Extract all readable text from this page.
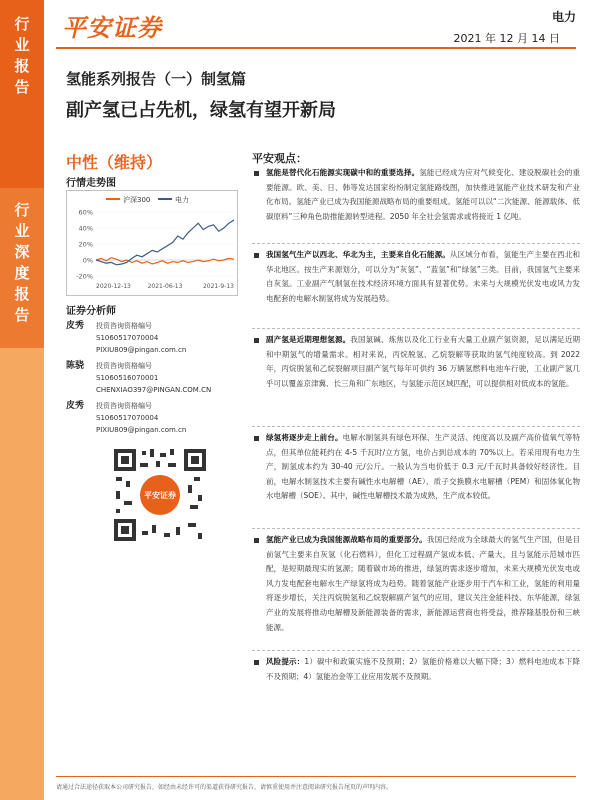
行
业
报
告
行
业
深
度
报
告
平安证券	电力
2021 年 12 月 14 日
氢能系列报告（一）制氢篇
副产氢已占先机，绿氢有望开新局
中性（维持）
行情走势图
沪深300	电力
60%
40%
20%
0%
-20%
2020-12-13	2021-06-13	2021-9-13
证券分析师
皮秀	投资咨询资格编号
S1060517070004
PIXIU809@pingan.com.cn
陈骁	投资咨询资格编号
S1060516070001
CHENXIAO397@PINGAN.COM.CN
皮秀	投资咨询资格编号
S1060517070004
PIXIU809@pingan.com.cn
平安证券
平安观点：
氢能是替代化石能源实现碳中和的重要选择。氢能已经成为应对气候变化、建设脱碳社会的重要能源。欧、美、日、韩等发达国家纷纷制定氢能路线图，加快推进氢能产业技术研发和产业化布局。氢能产业已成为我国能源战略布局的重要组成。氢能可以以“二次能源、能源载体、低碳原料”三种角色助推能源转型进程。2050 年全社会氢需求或将接近 1 亿吨。
我国氢气生产以西北、华北为主，主要来自化石能源。从区域分布看，氢能生产主要在西北和华北地区。按生产来源划分，可以分为“灰氢”、“蓝氢”和“绿氢”三类。目前，我国氢气主要来自灰氢。工业副产气制氢在技术经济环境方面具有显著优势。未来与大规模光伏发电或风力发电配套的电解水制氢将成为发展趋势。
副产氢是近期理想氢源。我国氯碱、炼焦以及化工行业有大量工业副产氢资源，足以满足近期和中期氢气的增量需求。相对来说，丙烷脱氢、乙烷裂解等获取的氢气纯度较高。到 2022 年，丙烷脱氢和乙烷裂解项目副产氢气每年可供约 36 万辆氢燃料电池车行驶，工业副产氢几乎可以覆盖京津冀、长三角和广东地区，与氢能示范区域匹配，可以提供相对低成本的氢能。
绿氢将逐步走上前台。电解水制氢具有绿色环保、生产灵活、纯度高以及副产高价值氧气等特点，但其单位能耗约在 4-5 千瓦时/立方氢，电价占到总成本的 70%以上。若采用现有电力生产，制氢成本约为 30-40 元/公斤。一般认为当电价低于 0.3 元/千瓦时具备较好经济性。目前，电解水制氢技术主要有碱性水电解槽（AE）、质子交换膜水电解槽（PEM）和固体氧化物水电解槽（SOE）。其中，碱性电解槽技术最为成熟，生产成本较低。
氢能产业已成为我国能源战略布局的重要部分。我国已经成为全球最大的氢气生产国，但是目前氢气主要来自灰氢（化石燃料），但化工过程副产氢成本低、产量大，且与氢能示范城市匹配，是短期最现实的氢源；随着碳市场的推进，绿氢的需求逐步增加，未来大规模光伏发电或风力发电配套电解水生产绿氢将成为趋势。随着氢能产业逐步用于汽车和工业，氢能的利用量将逐步增长，关注丙烷脱氢和乙烷裂解副产氢气的应用，建议关注金能科技、东华能源，绿氢产业的发展将推动电解槽及新能源装备的需求，新能源运营商也将受益，推荐隆基股份和三峡能源。
风险提示：1）碳中和政策实施不及预期；2）氢能价格难以大幅下降；3）燃料电池成本下降不及预期；4）氢能冶金等工业应用发展不及预期。
请通过合法途径获取本公司研究报告，如经由未经许可的渠道获得研究报告，请慎重使用并注意阅读研究报告尾页的声明内容。
